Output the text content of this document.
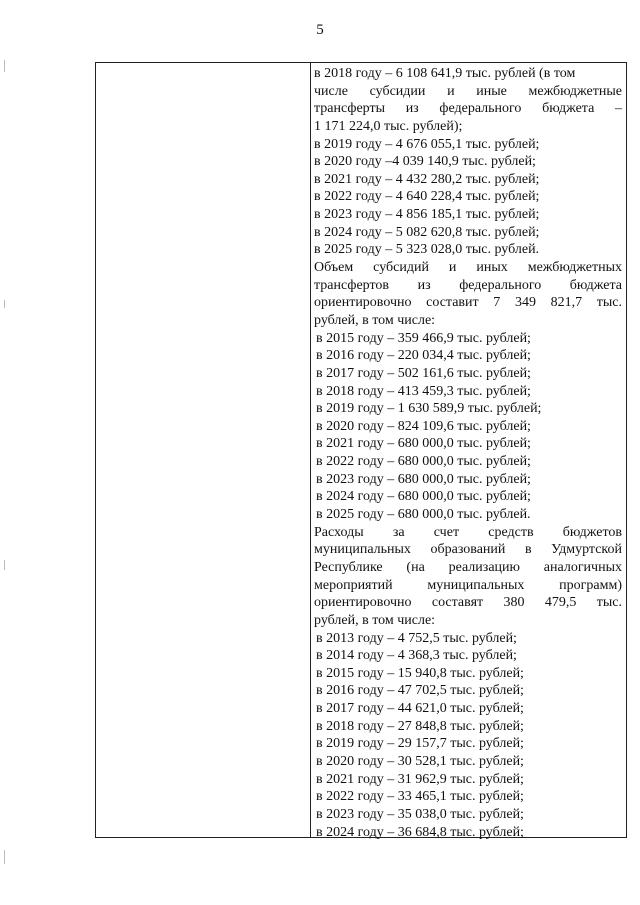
5
в 2018 году – 6 108 641,9 тыс. рублей (в том
числе субсидии и иные межбюджетные
трансферты из федерального бюджета –
1 171 224,0 тыс. рублей);
в 2019 году – 4 676 055,1 тыс. рублей;
в 2020 году –4 039 140,9 тыс. рублей;
в 2021 году – 4 432 280,2 тыс. рублей;
в 2022 году – 4 640 228,4 тыс. рублей;
в 2023 году – 4 856 185,1 тыс. рублей;
в 2024 году – 5 082 620,8 тыс. рублей;
в 2025 году – 5 323 028,0 тыс. рублей.
Объем субсидий и иных межбюджетных
трансфертов из федерального бюджета
ориентировочно составит 7 349 821,7 тыс.
рублей, в том числе:
в 2015 году – 359 466,9 тыс. рублей;
в 2016 году – 220 034,4 тыс. рублей;
в 2017 году – 502 161,6 тыс. рублей;
в 2018 году – 413 459,3 тыс. рублей;
в 2019 году – 1 630 589,9 тыс. рублей;
в 2020 году – 824 109,6 тыс. рублей;
в 2021 году – 680 000,0 тыс. рублей;
в 2022 году – 680 000,0 тыс. рублей;
в 2023 году – 680 000,0 тыс. рублей;
в 2024 году – 680 000,0 тыс. рублей;
в 2025 году – 680 000,0 тыс. рублей.
Расходы за счет средств бюджетов
муниципальных образований в Удмуртской
Республике (на реализацию аналогичных
мероприятий муниципальных программ)
ориентировочно составят 380 479,5 тыс.
рублей, в том числе:
в 2013 году – 4 752,5 тыс. рублей;
в 2014 году – 4 368,3 тыс. рублей;
в 2015 году – 15 940,8 тыс. рублей;
в 2016 году – 47 702,5 тыс. рублей;
в 2017 году – 44 621,0 тыс. рублей;
в 2018 году – 27 848,8 тыс. рублей;
в 2019 году – 29 157,7 тыс. рублей;
в 2020 году – 30 528,1 тыс. рублей;
в 2021 году – 31 962,9 тыс. рублей;
в 2022 году – 33 465,1 тыс. рублей;
в 2023 году – 35 038,0 тыс. рублей;
в 2024 году – 36 684,8 тыс. рублей;
